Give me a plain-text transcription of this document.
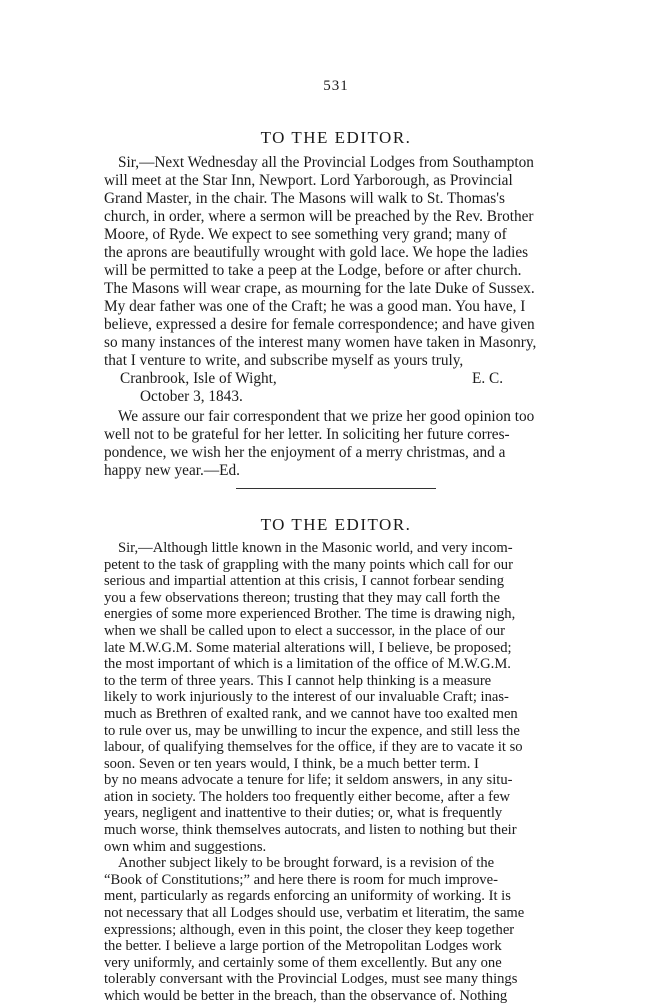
531
TO THE EDITOR.
Sir,—Next Wednesday all the Provincial Lodges from Southampton
will meet at the Star Inn, Newport. Lord Yarborough, as Provincial
Grand Master, in the chair. The Masons will walk to St. Thomas's
church, in order, where a sermon will be preached by the Rev. Brother
Moore, of Ryde. We expect to see something very grand; many of
the aprons are beautifully wrought with gold lace. We hope the ladies
will be permitted to take a peep at the Lodge, before or after church.
The Masons will wear crape, as mourning for the late Duke of Sussex.
My dear father was one of the Craft; he was a good man. You have, I
believe, expressed a desire for female correspondence; and have given
so many instances of the interest many women have taken in Masonry,
that I venture to write, and subscribe myself as yours truly,
Cranbrook, Isle of Wight,	E. C.
October 3, 1843.
We assure our fair correspondent that we prize her good opinion too
well not to be grateful for her letter. In soliciting her future corres-
pondence, we wish her the enjoyment of a merry christmas, and a
happy new year.—Ed.
TO THE EDITOR.
Sir,—Although little known in the Masonic world, and very incom-
petent to the task of grappling with the many points which call for our
serious and impartial attention at this crisis, I cannot forbear sending
you a few observations thereon; trusting that they may call forth the
energies of some more experienced Brother. The time is drawing nigh,
when we shall be called upon to elect a successor, in the place of our
late M.W.G.M. Some material alterations will, I believe, be proposed;
the most important of which is a limitation of the office of M.W.G.M.
to the term of three years. This I cannot help thinking is a measure
likely to work injuriously to the interest of our invaluable Craft; inas-
much as Brethren of exalted rank, and we cannot have too exalted men
to rule over us, may be unwilling to incur the expence, and still less the
labour, of qualifying themselves for the office, if they are to vacate it so
soon. Seven or ten years would, I think, be a much better term. I
by no means advocate a tenure for life; it seldom answers, in any situ-
ation in society. The holders too frequently either become, after a few
years, negligent and inattentive to their duties; or, what is frequently
much worse, think themselves autocrats, and listen to nothing but their
own whim and suggestions.
Another subject likely to be brought forward, is a revision of the
“Book of Constitutions;” and here there is room for much improve-
ment, particularly as regards enforcing an uniformity of working. It is
not necessary that all Lodges should use, verbatim et literatim, the same
expressions; although, even in this point, the closer they keep together
the better. I believe a large portion of the Metropolitan Lodges work
very uniformly, and certainly some of them excellently. But any one
tolerably conversant with the Provincial Lodges, must see many things
which would be better in the breach, than the observance of. Nothing
